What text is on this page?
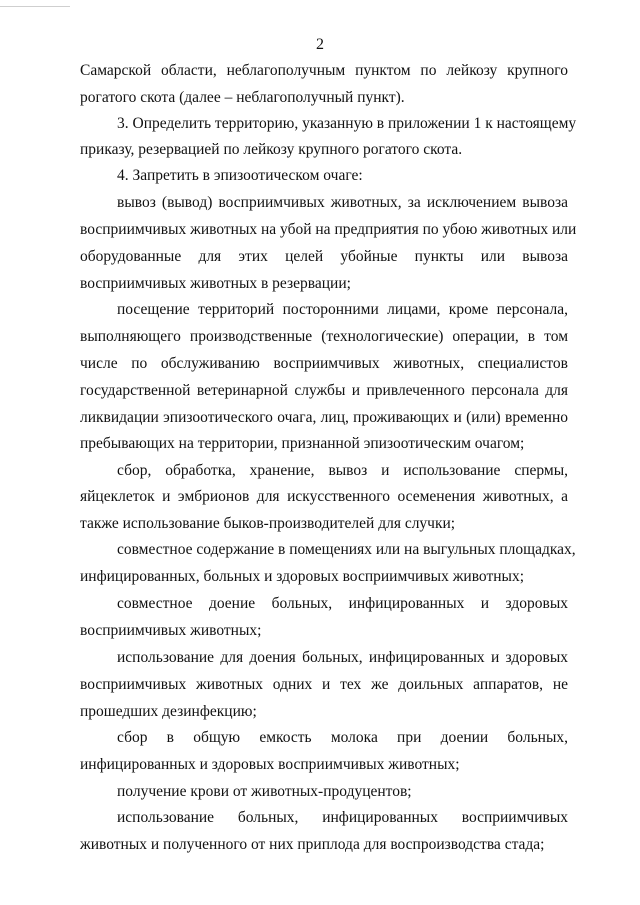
2
Самарской области, неблагополучным пунктом по лейкозу крупного
рогатого скота (далее – неблагополучный пункт).
3. Определить территорию, указанную в приложении 1 к настоящему
приказу, резервацией по лейкозу крупного рогатого скота.
4. Запретить в эпизоотическом очаге:
вывоз (вывод) восприимчивых животных, за исключением вывоза
восприимчивых животных на убой на предприятия по убою животных или
оборудованные для этих целей убойные пункты или вывоза
восприимчивых животных в резервации;
посещение территорий посторонними лицами, кроме персонала,
выполняющего производственные (технологические) операции, в том
числе по обслуживанию восприимчивых животных, специалистов
государственной ветеринарной службы и привлеченного персонала для
ликвидации эпизоотического очага, лиц, проживающих и (или) временно
пребывающих на территории, признанной эпизоотическим очагом;
сбор, обработка, хранение, вывоз и использование спермы,
яйцеклеток и эмбрионов для искусственного осеменения животных, а
также использование быков-производителей для случки;
совместное содержание в помещениях или на выгульных площадках,
инфицированных, больных и здоровых восприимчивых животных;
совместное доение больных, инфицированных и здоровых
восприимчивых животных;
использование для доения больных, инфицированных и здоровых
восприимчивых животных одних и тех же доильных аппаратов, не
прошедших дезинфекцию;
сбор в общую емкость молока при доении больных,
инфицированных и здоровых восприимчивых животных;
получение крови от животных-продуцентов;
использование больных, инфицированных восприимчивых
животных и полученного от них приплода для воспроизводства стада;
